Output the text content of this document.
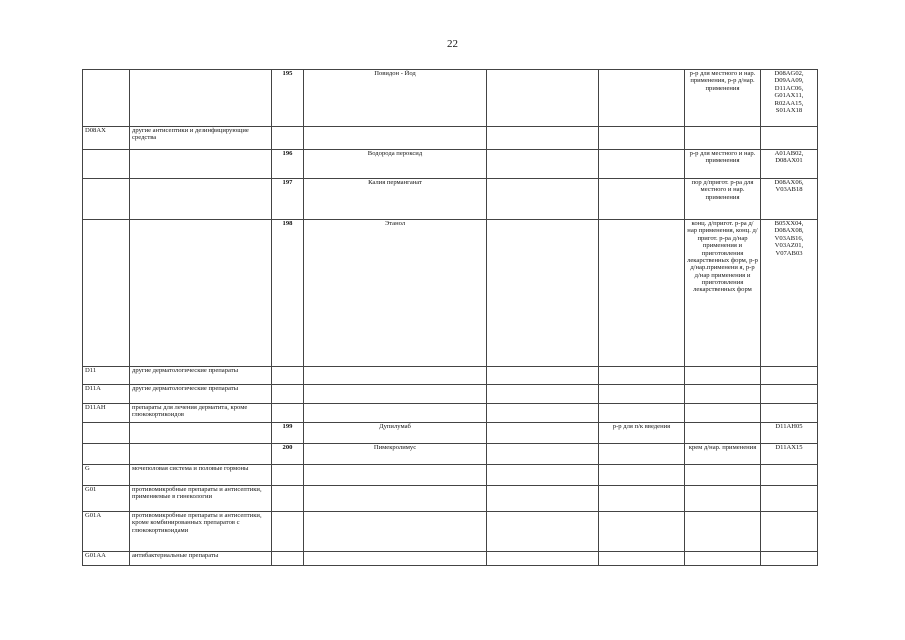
22
		195	Повидон - Йод			р-р для местного и нар. применения, р-р д/нар. применения	D08AG02, D09AA09, D11AC06, G01AX11, R02AA15, S01AX18
D08AX	другие антисептики и дезинфицирующие средства						
		196	Водорода пероксид			р-р для местного и нар. применения	A01AB02, D08AX01
		197	Калия перманганат			пор д/пригот. р-ра для местного и нар. применения	D08AX06, V03AB18
		198	Этанол			конц. д/пригот. р-ра д/нар применения, конц. д/пригот. р-ра д/нар применения и приготовления лекарственных форм, р-р д/нар.применени я, р-р д/нар применения и приготовления лекарственных форм	B05XX04, D08AX08, V03AB16, V03AZ01, V07AB03
D11	другие дерматологические препараты						
D11A	другие дерматологические препараты						
D11AH	препараты для лечения дерматита, кроме глюкокортикоидов						
		199	Дупилумаб		р-р для п/к введения		D11AH05
		200	Пимекролимус			крем д/нар. применения	D11AX15
G	мочеполовая система и половые гормоны						
G01	противомикробные препараты и антисептики, применяемые в гинекологии						
G01A	противомикробные препараты и антисептики, кроме комбинированных препаратов с глюкокортикоидами						
G01AA	антибактериальные препараты						
